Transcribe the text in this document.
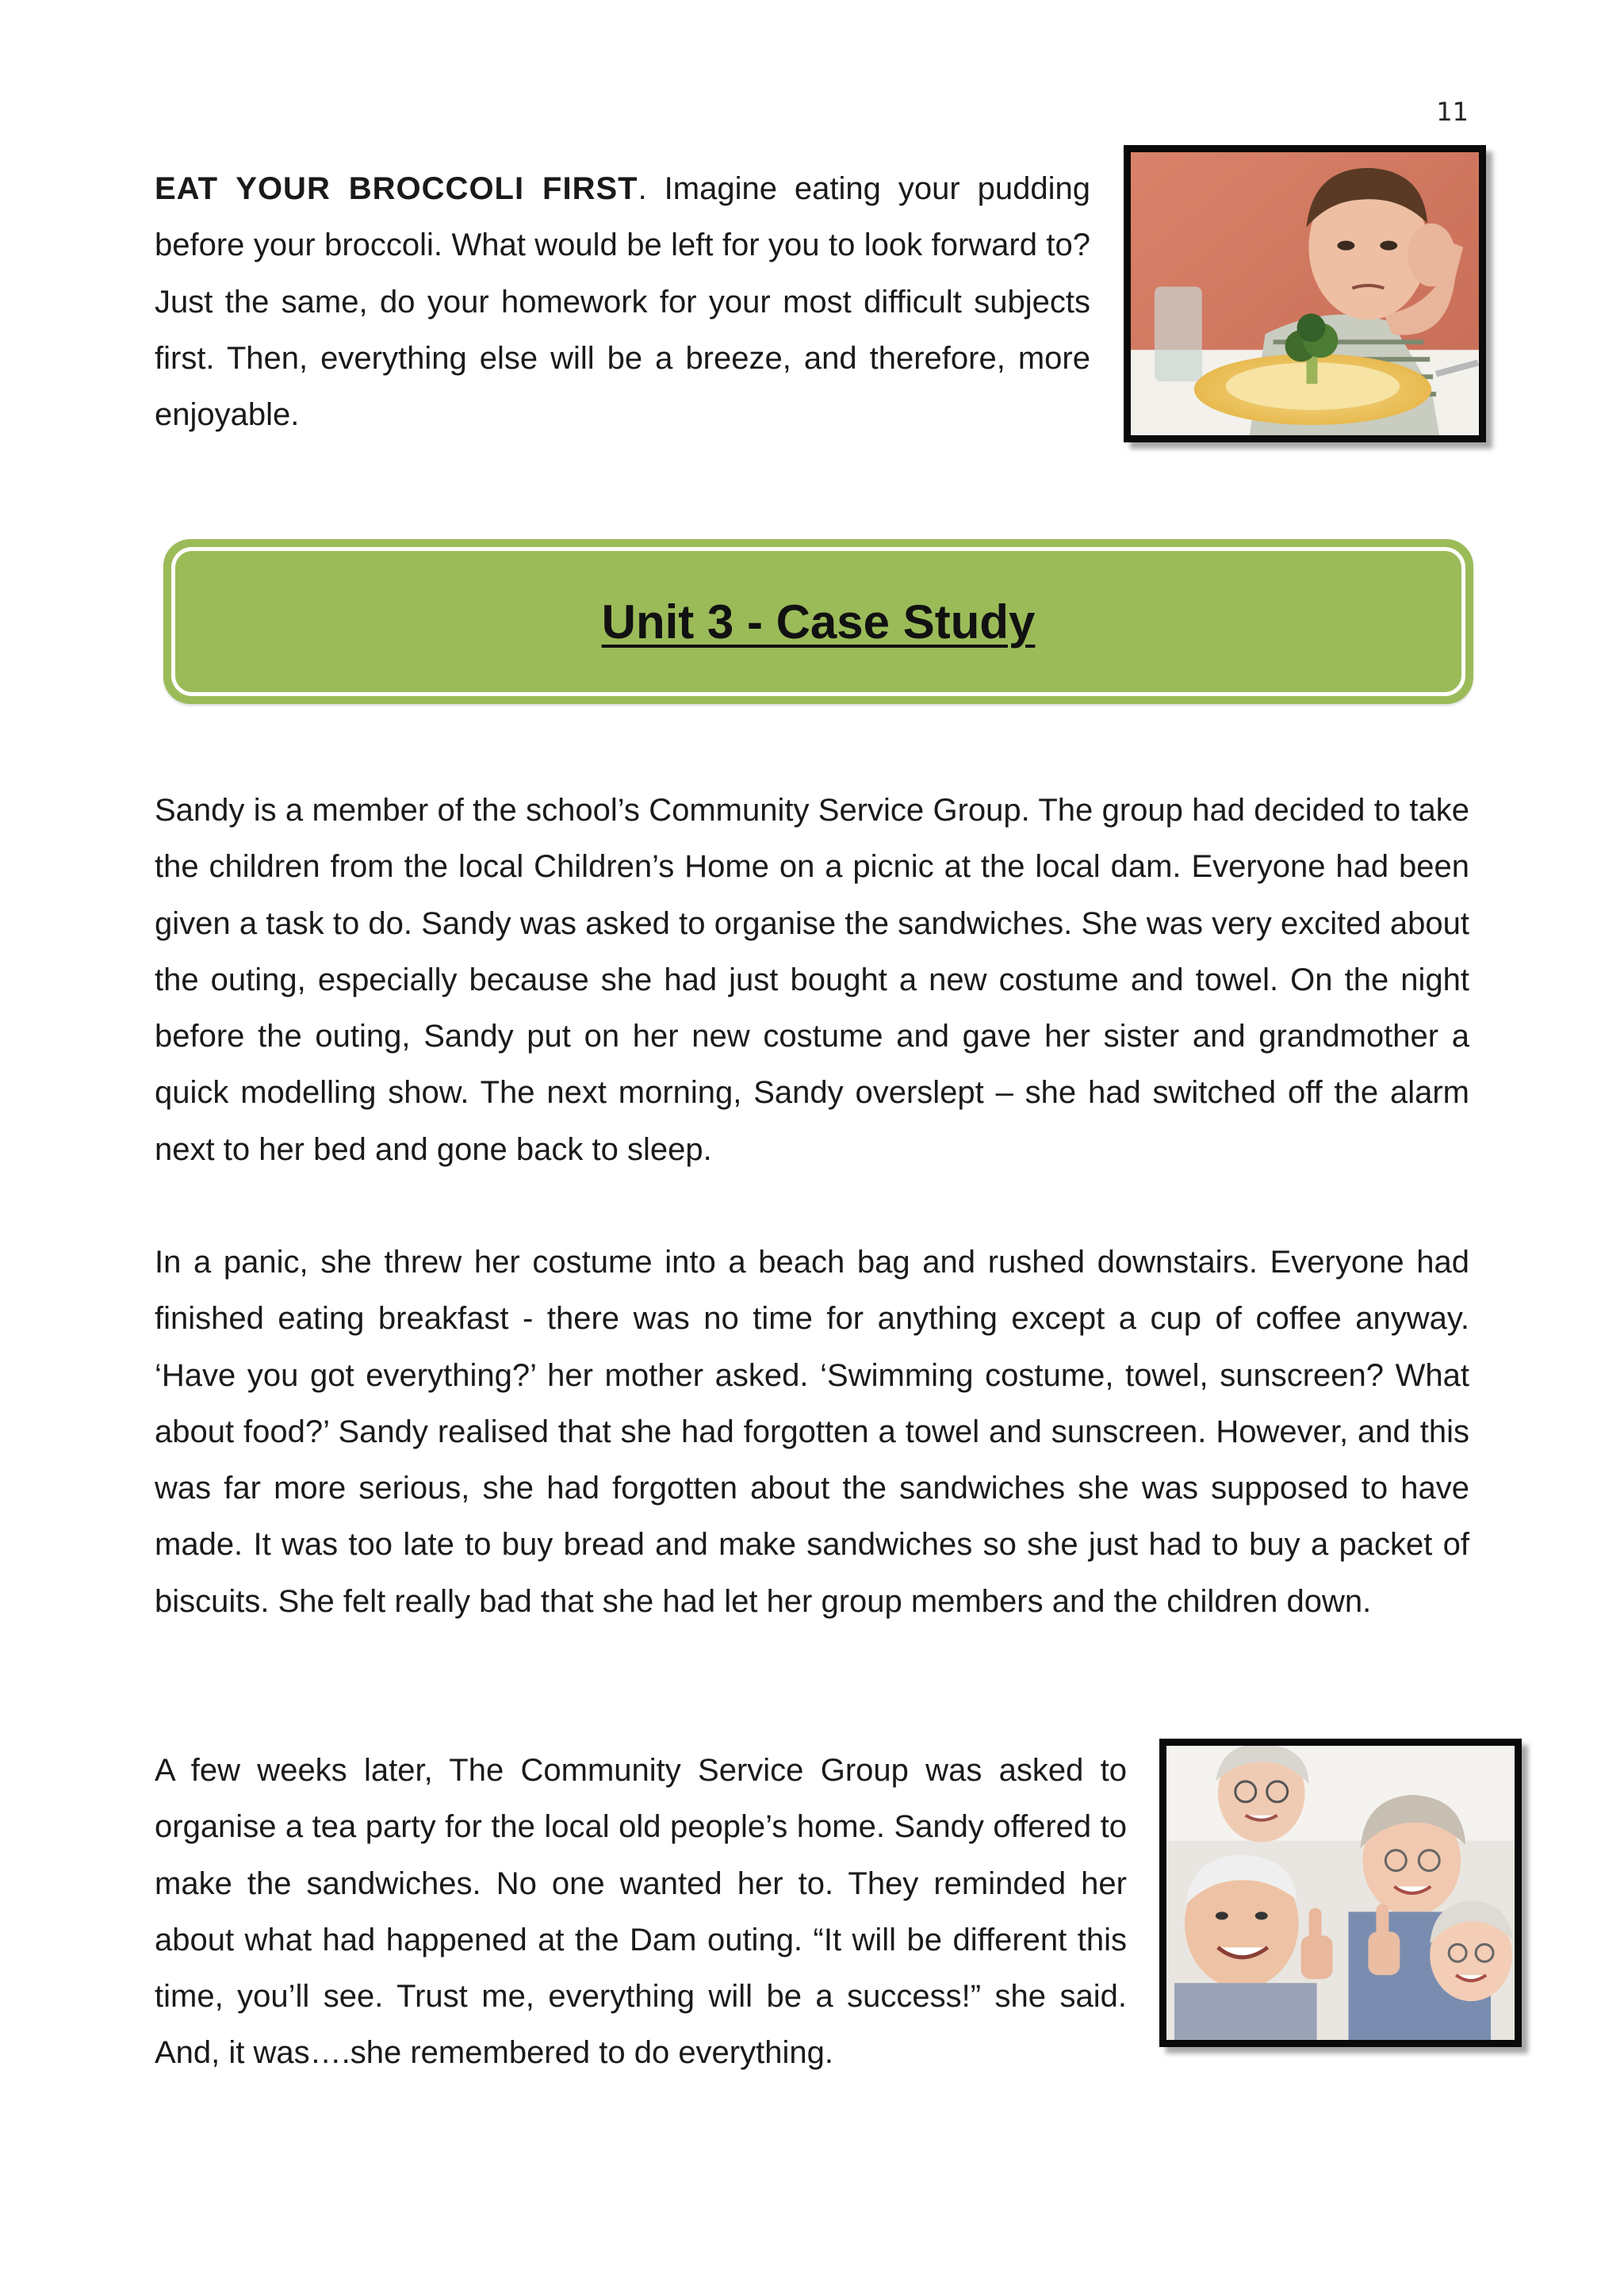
11

EAT YOUR BROCCOLI FIRST. Imagine eating your pudding before your broccoli. What would be left for you to look forward to? Just the same, do your homework for your most difficult subjects first. Then, everything else will be a breeze, and therefore, more enjoyable.

Unit 3 - Case Study

Sandy is a member of the school’s Community Service Group. The group had decided to take the children from the local Children’s Home on a picnic at the local dam. Everyone had been given a task to do. Sandy was asked to organise the sandwiches. She was very excited about the outing, especially because she had just bought a new costume and towel. On the night before the outing, Sandy put on her new costume and gave her sister and grandmother a quick modelling show. The next morning, Sandy overslept – she had switched off the alarm next to her bed and gone back to sleep.

In a panic, she threw her costume into a beach bag and rushed downstairs. Everyone had finished eating breakfast - there was no time for anything except a cup of coffee anyway. ‘Have you got everything?’ her mother asked. ‘Swimming costume, towel, sunscreen? What about food?’ Sandy realised that she had forgotten a towel and sunscreen. However, and this was far more serious, she had forgotten about the sandwiches she was supposed to have made. It was too late to buy bread and make sandwiches so she just had to buy a packet of biscuits. She felt really bad that she had let her group members and the children down.

A few weeks later, The Community Service Group was asked to organise a tea party for the local old people’s home. Sandy offered to make the sandwiches. No one wanted her to. They reminded her about what had happened at the Dam outing. “It will be different this time, you’ll see. Trust me, everything will be a success!” she said. And, it was….she remembered to do everything.
